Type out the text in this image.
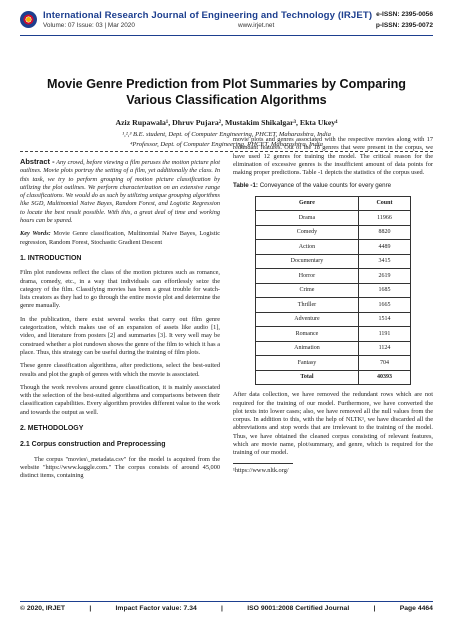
International Research Journal of Engineering and Technology (IRJET)
Volume: 07 Issue: 03 | Mar 2020	www.irjet.net
e-ISSN: 2395-0056
p-ISSN: 2395-0072
Movie Genre Prediction from Plot Summaries by Comparing Various Classification Algorithms
Aziz Rupawala¹, Dhruv Pujara², Mustakim Shikalgar³, Ekta Ukey⁴
¹,²,³ B.E. student, Dept. of Computer Engineering, PHCET, Maharashtra, India
⁴Professor, Dept. of Computer Engineering, PHCET, Maharashtra, India

Abstract - Any crowd, before viewing a film peruses the motion picture plot outlines. Movie plots portray the setting of a film, yet additionally the class. In this task, we try to perform grouping of motion picture classification by utilizing the plot outlines. We perform characterization on an extensive range of classifications. We would do as such by utilizing unique grouping algorithms like SGD, Multinomial Naive Bayes, Random Forest, and Logistic Regression to locate the best result possible. With this, a great deal of time and working hours can be spared.

Key Words: Movie Genre classification, Multinomial Naive Bayes, Logistic regression, Random Forest, Stochastic Gradient Descent

1. INTRODUCTION

Film plot rundowns reflect the class of the motion pictures such as romance, drama, comedy, etc., in a way that individuals can effortlessly seize the category of the film. Classifying movies has been a great trouble for watch-lists creators as they had to go through the entire movie plot and determine the genre manually.

In the publication, there exist several works that carry out film genre categorization, which makes use of an expansion of assets like audio [1], video, and literature from posters [2] and summaries [3]. It very well may be construed whether a plot rundown shows the genre of the film to which it has a place. Thus, this strategy can be useful during the training of film plots.

These genre classification algorithms, after predictions, select the best-suited results and plot the graph of genres with which the movie is associated.

Though the work revolves around genre classification, it is mainly associated with the selection of the best-suited algorithms and comparisons between their classification capabilities. Every algorithm provides different value to the work and towards the output as well.

2. METHODOLOGY
2.1 Corpus construction and Preprocessing

The corpus "movies\_metadata.csv" for the model is acquired from the website "https://www.kaggle.com." The corpus consists of around 45,000 distinct items, containing

movie plots and genres associated with the respective movies along with 17 redundant features. Out of the 18 genres that were present in the corpus, we have used 12 genres for training the model. The critical reason for the elimination of excessive genres is the insufficient amount of data points for making proper predictions. Table -1 depicts the statistics of the corpus used.

Table -1: Conveyance of the value counts for every genre
Genre	Count
Drama	11966
Comedy	8820
Action	4489
Documentary	3415
Horror	2619
Crime	1685
Thriller	1665
Adventure	1514
Romance	1191
Animation	1124
Fantasy	704
Total	40393

After data collection, we have removed the redundant rows which are not required for the training of our model. Furthermore, we have converted the plot texts into lower cases; also, we have removed all the null values from the corpus. In addition to this, with the help of NLTK¹, we have discarded all the abbreviations and stop words that are irrelevant to the training of the model. Thus, we have obtained the cleaned corpus consisting of relevant features, which are movie name, plot/summary, and genre, which is required for the training of our model.

¹https://www.nltk.org/

© 2020, IRJET	|	Impact Factor value: 7.34	|	ISO 9001:2008 Certified Journal	|	Page 4464
